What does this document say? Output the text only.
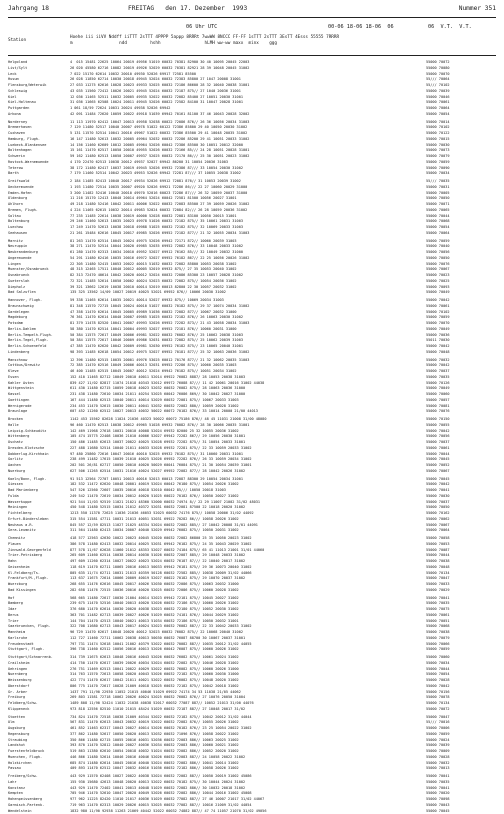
Jahrgang 18	FREITAG   den 17. Dezember  1993	Nummer 351
06 Uhr UTC	00-06 18-06 18-06  06	06  V.T.  V.T.
Station
Hoehe iii iiVV Nddff iiTTT 2sTTT 4PPPP 5appp 8RRRt 7wwWW 8NCCC FF-FF 1sTTT 2sTTT 3EsTT 4Esss 55555 7RRRR
m                  ndd         hshh                 hLMH ww-ww maxx  minx    ggg
Helgoland	4  015 15481 22625 10064 20019 49956 51019 60032 70381 82900 30 40 10095 20045 22003	55000 70072
List/Sylt	26 020 45580 62716 10082 20019 49926 52029 60032 70381 82921 28 39 10048 20045 31002	55000 70080
Leck	7 022 15170 62614 10032 20010 49930 52026 69917 72581 85500	55000 70070
Husum	26 028 11850 62714 10030 20018 49945 52024 60032 72383 85800 27 1047 20008 31001	55/// 70064
Flensburg/Weterwik	27 033 11275 62616 10028 20023 49933 52025 60032 72186 86600 28 32 10040 20038 31001	55/// 70102
Schleswig	43 035 11560 72412 10026 20021 49945 52024 60032 72187 875// 27 1040 20036 31001	55000 70039
Kiel	12 036 11465 52511 10032 20005 49935 52022 60032 72082 85400 27 10051 20030 31001	55000 70046
Kiel-Holtenau	31 036 11665 62508 10024 20011 49945 52026 60022 72582 84100 31 10047 20028 31001	55000 70061
Puttgarden	1 061 18/59 72624 10031 20024 49938 52026 69942	55000 70064
Arkona	42 091 11484 72620 10059 20022 49918 51039 69942 70161 81100 37 46 10043 20028 32002	55000 70054
Norderney	11 113 11970 62412 10047 20013 49958 52038 60022 72086 876// 26 36 10056 20034 31003	55000 70014
Bremerhaven	7 129 11480 52517 10040 20007 49978 51022 60122 72386 85800 29 40 10050 20030 31002	55000 70102
Cuxhaven	5 131 11570 52514 10041 20016 49967 51022 60032 72386 85500 29 41 10048 20035 31002	55000 70122
Hamburg, Flugh.	16 147 11480 52613 10032 20005 49964 52032 60032 72286 85200 29 41 10051 20033 31002	55000 70015
Luebeck-Blankensee	14 156 11460 62609 10012 20005 49964 52026 60042 72386 85500 30 10051 20012 32000	55000 70030
Boltenhagen	15 161 11470 62517 10050 20010 49955 52026 60032 72166 85/// 24 28 10051 20028 31001	55000 70073
Schwerin	59 162 11480 62513 10050 20007 49937 52025 60032 72170 86/// 25 30 10051 20023 31002	55000 70079
Rostock-Warnemuende	4 170 22470 62513 10038 20012 49937 52027 69942 86200 31 10054 20036 31003	55000 70059
Teterow	38 172 11480 62417 10037 20019 49945 52026 69932 72386 87/// 33 10054 20030 31002	55000 70090
Barth	7 179 11460 52514 10042 20023 49953 52026 69942 72281 87/// 37 10055 20038 31002	55000 70034
Greifswald	2 184 11485 82413 10040 20017 49934 52026 69912 72081 876// 31 10053 20039 31002	55/// 70035
Ueckermuende	1 193 11480 72514 10035 20007 49920 52026 69921 72286 86/// 22 27 10060 20029 31000	55000 70031
Emden-Hafen	3 200 11482 52416 10040 20010 49970 52016 60023 72286 87/// 26 32 10059 20037 31000	55000 70005
Oldenburg	11 216 15170 12413 10040 20014 49964 52024 60042 72581 81500 10056 20027 31001	55000 70050
Ahlhorn	49 218 11480 52416 10042 20011 40006 52022 60032 72083 85500 27 39 10059 20026 31002	55000 70071
Bremen, Flugh.	4 224 11465 62615 10032 20014 49983 52024 60032 72084 82/// 26 28 10059 20036 31002	55000 70065
Soltau	77 235 11485 22614 10038 20019 40000 52028 60032 72081 83100 10050 20015 31001	55000 70044
Boltenburg	29 246 11460 52613 10035 20023 49978 51026 60032 72182 875// 35 10061 20031 31003	55000 70068
Luechow	17 249 11470 52613 10038 20018 49988 51025 60032 72182 875// 32 10069 20033 31003	55000 70054
Seehausen	21 261 15484 62616 10045 20017 49985 52026 69952 72182 877// 21 32 10055 20034 31003	55000 70064
Marnitz	81 263 11470 62514 10045 20024 49975 52026 69942 72171 872// 10060 20039 31003	55000 70059
Neuruppin	38 271 11470 52514 10044 20020 49985 52035 69952 72082 876// 33 10048 20033 31002	55000 70040
Neubrandenburg	61 280 11470 62313 10034 20010 49952 52027 69912 76162 85/// 32 10049 20032 31000	55000 70056
Angermuende	54 291 11480 62416 10035 20016 49972 52027 69952 76182 867// 22 25 10056 20026 31002	55000 70050
Lingen	22 305 11480 52415 10053 20022 40015 51032 60032 72082 85800 10053 20038 31002	55000 70076
Muenster/Osnabrueck	48 315 12465 17511 10040 20012 40005 52019 69932 875// 27 35 10053 20040 31002	55000 70067
Osnabrueck	82 313 72470 40614 10042 20020 40012 52024 60032 72086 85300 23 10057 20028 31002	55000 70023
Guetersloh	72 321 11485 52614 10050 20002 40024 52023 60032 72082 875// 10054 20036 31002	55000 70025
Diepholz	39 321 13662 12619 10038 20010 40014 52019 60013 82800 22 30 10057 20032 31002	55000 70093
Bad Salzuflen	135 325 13562 14/09 10027 20019 40025 52021 69952 876// 10066 20030 31002	55000 70049
Hannover, Flugh.	59 338 11465 62614 10035 20021 40014 52027 69932 875// 10069 20034 31003	55000 70042
Braunschweig	81 348 11570 72715 10045 20024 40010 51027 60032 70182 875// 29 37 10074 20034 31002	55000 70061
Gardelegen	47 358 11470 62614 10045 20005 49989 51036 60032 72082 877// 10067 20032 31000	55000 70102
Magdeburg	76 361 11470 62614 10040 20007 49985 51025 60032 72182 876// 26 10063 20030 31002	55000 70059
Potsdam	81 379 11478 82520 10041 20007 49993 52026 69952 72282 873// 21 43 10058 20034 31003	55000 70070
Berlin-Dahlem	58 380 11470 62514 10041 20004 49993 52027 69952 72181 876// 10060 20031 31000	55000 70049
Berlin-Tempelh.Flugh.	50 384 11575 72617 10049 20006 49981 52022 60032 76082 876// 25 10062 20038 31003	55000 70036
Berlin-Tegel,Flugh.	50 384 11575 72617 10046 20009 49986 52031 60032 72082 875// 25 10062 20039 31003	55011 70030
Berlin-Schoenefeld	47 385 11470 62620 10042 20009 49981 52030 69952 76182 875// 23 10065 20040 31001	55000 70042
Lindenberg	98 393 11485 62618 10054 20012 49975 52027 69952 70181 877// 25 32 10063 20036 31002	55000 70048
Manschnow	12 396 11480 62515 10035 20001 49976 53025 60012 70176 877// 21 32 10062 20035 31003	55000 70032
Cottbus/Drewitz	72 385 11470 62516 10049 20006 40013 52031 69952 72286 875// 10060 20035 31003	55000 70042
Kleve	46 400 11485 62515 10045 20007 40012 52024 69942 76182 875// 10051 20034 31002	55000 70037
Essen	152 410 11465 82712 10049 20010 40011 52014 69922 76082 8887/ 28 10053 20038 31003	55000 70035
Kahler Asten	839 427 11/02 82817 11074 21018 40343 52012 69972 76088 87/// 11 42 10061 20016 31002 44038	55000 70126
Wittgenstein	611 430 11480 62715 10059 20018 40023 52032 60032 76082 875// 28 10063 20036 31000	55000 70049
Kassel	231 438 11480 72610 10034 21011 40254 52025 60042 76086 869// 30 10042 20027 31000	55000 70060
Goettingen	167 444 11480 62513 10040 20011 40014 52029 60032 72081 875// 10067 20033 31003	55000 70057
Wernigerode	234 453 11470 52615 10030 20011 40041 52032 60032 72082 880// 10059 20028 31002	55000 70081
Braunlage	607 452 11260 62512 10027 20013 40032 50022 60072 70182 876// 33 10014 20000 21/00 44013	55000 70076
Brocken	1142 453 15562 82628 11024 21036 40323 50022 60072 75186 876// 48 45 11031 21008 31/00 48080	55000 70150
Halle	96 460 11470 62513 10038 20012 49965 51028 69932 70082 876// 28 30 10066 20035 31001	55000 70055
Leipzig-Schkeuditz	142 469 11968 27618 10031 20010 40008 52024 69932 82000 25 32 10055 20036 31002	55000 70042
Wittenberg	105 474 15775 22408 10036 21010 40006 52027 69942 72282 867// 29 10056 20030 31001	55000 70056
Oschatz	150 486 11485 62613 10037 20022 40025 52028 69932 72282 875// 31 10054 20033 31001	55000 70037
Dresden-Klotzsche	227 488 11680 52514 10040 21011 40033 52028 69932 72281 875// 22 33 10059 20033 31002	55000 70061
Dobberlug-Kirchhain	97 480 25860 72616 10047 20016 40010 52025 69932 70182 875// 31 10060 20031 31001	55000 70044
Gorlitz	238 499 11482 17615 10039 21010 40025 52026 69952 72282 876// 26 33 10059 20034 31002	55000 70045
Aachen	202 501 26/81 62717 10050 20010 40020 50029 60041 76084 875// 21 30 10054 20039 31001	55000 70052
Nuerburg	627 506 11265 62514 10031 21016 40024 52027 69952 72082 877// 28 10042 20026 31002	55000 70067
Koeln/Bonn, Flugh.	91 513 12564 72707 10051 20013 40016 52013 60013 72087 88300 29 10054 20034 31001	55000 70045
Giessen	182 532 11472 62620 10048 20001 40019 52024 60042 76180 875// 10054 20026 31002	55000 70042
Bad Marienberg	547 526 12560 72607 10035 20016 40018 52010 60042 85/// 10050 20018 31003	55000 70041
Fulda	249 542 11470 72619 10034 20012 40020 51025 60022 70182 876// 10050 20027 31002	55000 70030
Wasserkuppe	921 544 11/03 92519 11021 21021 48360 52000 60032 74974 8// 22 29 11007 21002 31/02 48031	55000 70037
Meiningen	450 548 11480 52515 10034 21012 40372 52031 60032 72081 87500 22 10018 20020 31002	55000 70050
Fichtelberg	1213 550 11370 72625 11036 21036 46053 52025 60032 74176 875// 10058 20006 31/02 44092	55000 70162
Erfurt-Bindersleben	315 554 11581 47711 10031 21013 40051 52031 69922 70282 86/// 10058 20026 31002	55000 70062
Neuhaus a.R.	845 557 12/59 82513 11027 21025 48334 52024 60032 72082 885// 27 10042 20008 31/01 44091	55000 70067
Gera-Leumnitz	311 564 11480 62413 10034 20007 40040 52029 69942 76082 875// 10050 20031 31002	55000 70064
Chemnitz	418 577 12563 42630 10022 20023 40045 52020 60032 72082 86800 25 35 10050 20023 31002	55000 70058
Plauen	386 578 11480 62413 10032 20014 40025 52031 69942 76182 875// 24 35 10043 20029 31002	55000 70053
Zinnwald-Georgenfeld	877 578 11/67 62628 11060 21012 48353 52027 60032 74184 875// 65 41 11013 21001 31/01 44060	55000 70087
Trier-Petrisberg	265 609 11460 62514 10038 20014 40030 51026 60032 72087 885// 29 10048 20033 31002	55000 70044
Hahn	497 609 11260 62314 10027 20022 40023 52024 60032 76187 87/// 22 10040 20017 31002	55000 70038
Geisenheim	118 619 11470 62711 10065 20016 40013 50033 69942 76181 875// 29 36 10073 20040 31002	55000 70048
Kl.Feldberg/Ts.	805 635 11/74 62711 10031 21013 40359 50128 60032 72582 885// 10038 20009 31/02 44066	55000 70134
Frankfurt/M.,Flugh.	113 637 11675 72614 10066 20009 40019 52027 60022 70182 875// 29 10070 20037 31002	55000 70047
Wuerzburg	268 655 11476 62616 10045 20017 40026 52030 60032 72086 875// 10063 20032 31000	55000 70033
Bad Kissingen	282 658 11476 72515 10036 20016 40020 52025 60032 72086 875// 10060 20028 31002	55000 70029
Hof	568 665 11480 72617 10030 21004 40014 52023 69942 72181 875// 10045 20027 31002	55000 70041
Bamberg	239 675 11470 52516 10040 20013 40020 52026 60032 72186 875// 10060 20026 31002	55000 70035
Idar	376 680 11470 62614 10030 20020 40038 52023 60032 72180 875// 10052 20030 31002	55000 70075
Berus	363 701 11482 62713 10039 20027 40026 51029 60032 74181 876// 10044 20029 31002	55000 70061
Trier	144 704 11470 42513 10040 20021 40013 51034 60032 72186 875// 10050 20032 31001	55000 70051
Saarbruecken, Flugh.	322 708 11680 62713 10043 20017 40024 52023 60032 76082 887// 22 33 10042 20033 31002	55000 70068
Mannheim	96 729 11470 62617 10048 20020 40012 52023 60032 76082 875// 22 10068 20040 31002	55000 70038
Karlsruhe	112 727 11460 72711 10062 20038 40013 50030 60032 76087 88700 30 10067 20037 31001	55000 70079
Freudenstadt	797 731 11474 52618 10041 21002 40379 52022 60032 70082 887// 10035 20012 31/02 44055	55000 70066
Stuttgart, Flugh.	396 738 11460 62512 10056 20016 40013 52026 60042 76087 875// 10060 20026 31002	55000 70059
Stuttgart/Schnarrenb.	314 739 11675 62613 10048 20016 40043 52026 60032 76082 875// 10061 20024 31002	55000 70060
Crailsheim	414 750 11470 62617 10039 20026 40034 52024 60032 72082 875// 10046 20028 31002	55000 70034
Oehringen	276 751 11469 62513 10041 20022 40029 52022 60032 76082 875// 10060 20026 31000	55000 70044
Nuernberg	314 763 11570 72613 10058 20020 40043 52026 60032 72182 875// 10060 20030 31000	55000 70054
Weissenburg	422 774 11470 62617 10042 21011 40021 52022 60032 76082 875// 10048 20020 31002	55000 70028
Oberstdorf	806 775 11470 72617 10028 21009 40018 52025 60032 72182 875// 10042 20018 31002	55000 70042
Gr. Arber	1437 791 11/90 22930 11052 21015 40046 51029 69922 74174 34 53 11038 21/05 44062	55000 70156
Freiburg	269 803 11581 72718 10062 20026 40024 52025 60032 76082 876// 27 10076 20050 31004	55000 70078
Feldberg/Schw.	1489 808 11/90 52424 11032 21038 40038 52017 60032 77087 887// 10052 21013 31/00 44076	55000 70134
Klippeneck	973 818 12556 82510 11010 21015 48424 51029 60032 72187 887// 27 10048 20017 31/02	55000 70072
Stoetten	734 824 11470 72518 10038 21009 40344 52022 60032 72182 875// 10042 20012 31/02 44044	55000 70047
Ulm	567 831 11470 62613 10043 20032 40019 52022 60032 72082 876// 10055 20026 31002	55/// 70016
Augsburg	461 852 11463 62317 10043 20027 40014 52026 60032 70182 876// 23 25 10054 20022 31002	55000 70006
Regensburg	377 862 11480 52617 10050 20020 40013 52032 60032 71096 876// 10058 20022 31002	55000 70059
Straubing	350 866 11480 62715 10055 20016 40031 52036 60032 72083 886// 10063 20025 31002	55000 70024
Landshut	393 870 11470 52812 10040 20027 40036 52034 60032 72083 886// 10060 20021 31002	55000 70039
Fuerstenfeldbruck	519 863 11380 62610 10054 20018 40032 51024 60032 72082 886// 10052 20020 31002	55000 70009
Muenchen, Flugh.	446 866 11480 52614 10046 20016 40046 52026 60032 72083 887// 24 10058 20022 31002	55000 70028
Holzkirchen	685 874 11480 62614 10045 20016 40040 52024 60032 72082 886// 10041 20014 31002	55000 70032
Passau	409 893 11470 62512 10047 20032 40016 51036 60032 72182 886// 10058 20026 31002	55000 70013
Freiberg/Schw.	443 929 11570 62408 10027 20022 40038 52024 60032 72082 887// 10050 20019 31002 45086	55000 70041
Lahr	155 930 15680 42613 10048 20020 40013 52022 60032 70182 875// 30 10044 20024 31002	55000 70035
Konstanz	443 929 11470 72402 10041 20013 40048 51029 60032 72082 886// 30 10032 20018 31002	55000 70041
Kempten	705 946 11470 52610 10047 20020 40049 52026 60032 72082 886// 10044 20016 31002 45008	55000 70020
Hohenpeissenberg	977 962 11225 82420 11010 21017 40036 51029 60032 77082 887// 27 46 10007 21017 31/02 44067	55000 70098
Garmisch-Partenk.	719 963 11470 62313 10029 20026 40015 52025 60032 77082 887// 10016 21009 31/02 44054	55000 70043
Wendelstein	1832 980 11/90 92938 11263 21069 40442 52022 60032 74882 887// 47 74 11057 21070 31/02 49056	55000 70045
